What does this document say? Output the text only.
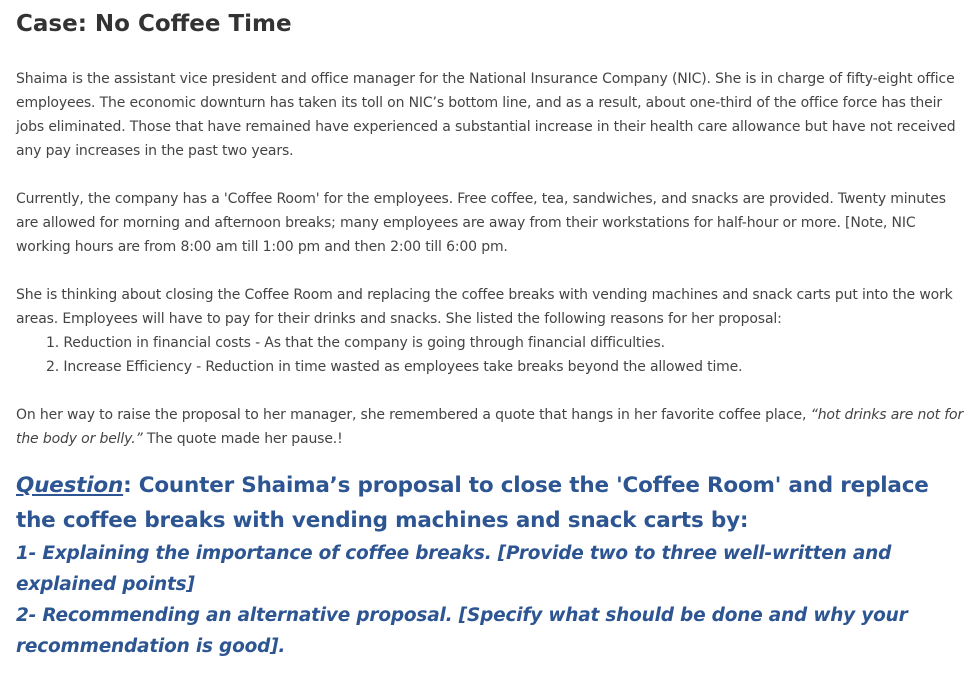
Case: No Coffee Time

Shaima is the assistant vice president and office manager for the National Insurance Company (NIC). She is in charge of fifty-eight office employees. The economic downturn has taken its toll on NIC’s bottom line, and as a result, about one-third of the office force has their jobs eliminated. Those that have remained have experienced a substantial increase in their health care allowance but have not received any pay increases in the past two years.

Currently, the company has a 'Coffee Room' for the employees. Free coffee, tea, sandwiches, and snacks are provided. Twenty minutes are allowed for morning and afternoon breaks; many employees are away from their workstations for half-hour or more. [Note, NIC working hours are from 8:00 am till 1:00 pm and then 2:00 till 6:00 pm.

She is thinking about closing the Coffee Room and replacing the coffee breaks with vending machines and snack carts put into the work areas. Employees will have to pay for their drinks and snacks. She listed the following reasons for her proposal:

1. Reduction in financial costs - As that the company is going through financial difficulties.
2. Increase Efficiency - Reduction in time wasted as employees take breaks beyond the allowed time.

On her way to raise the proposal to her manager, she remembered a quote that hangs in her favorite coffee place, “hot drinks are not for the body or belly.” The quote made her pause.!

Question: Counter Shaima’s proposal to close the 'Coffee Room' and replace the coffee breaks with vending machines and snack carts by:

1- Explaining the importance of coffee breaks. [Provide two to three well-written and explained points]

2- Recommending an alternative proposal. [Specify what should be done and why your recommendation is good].
